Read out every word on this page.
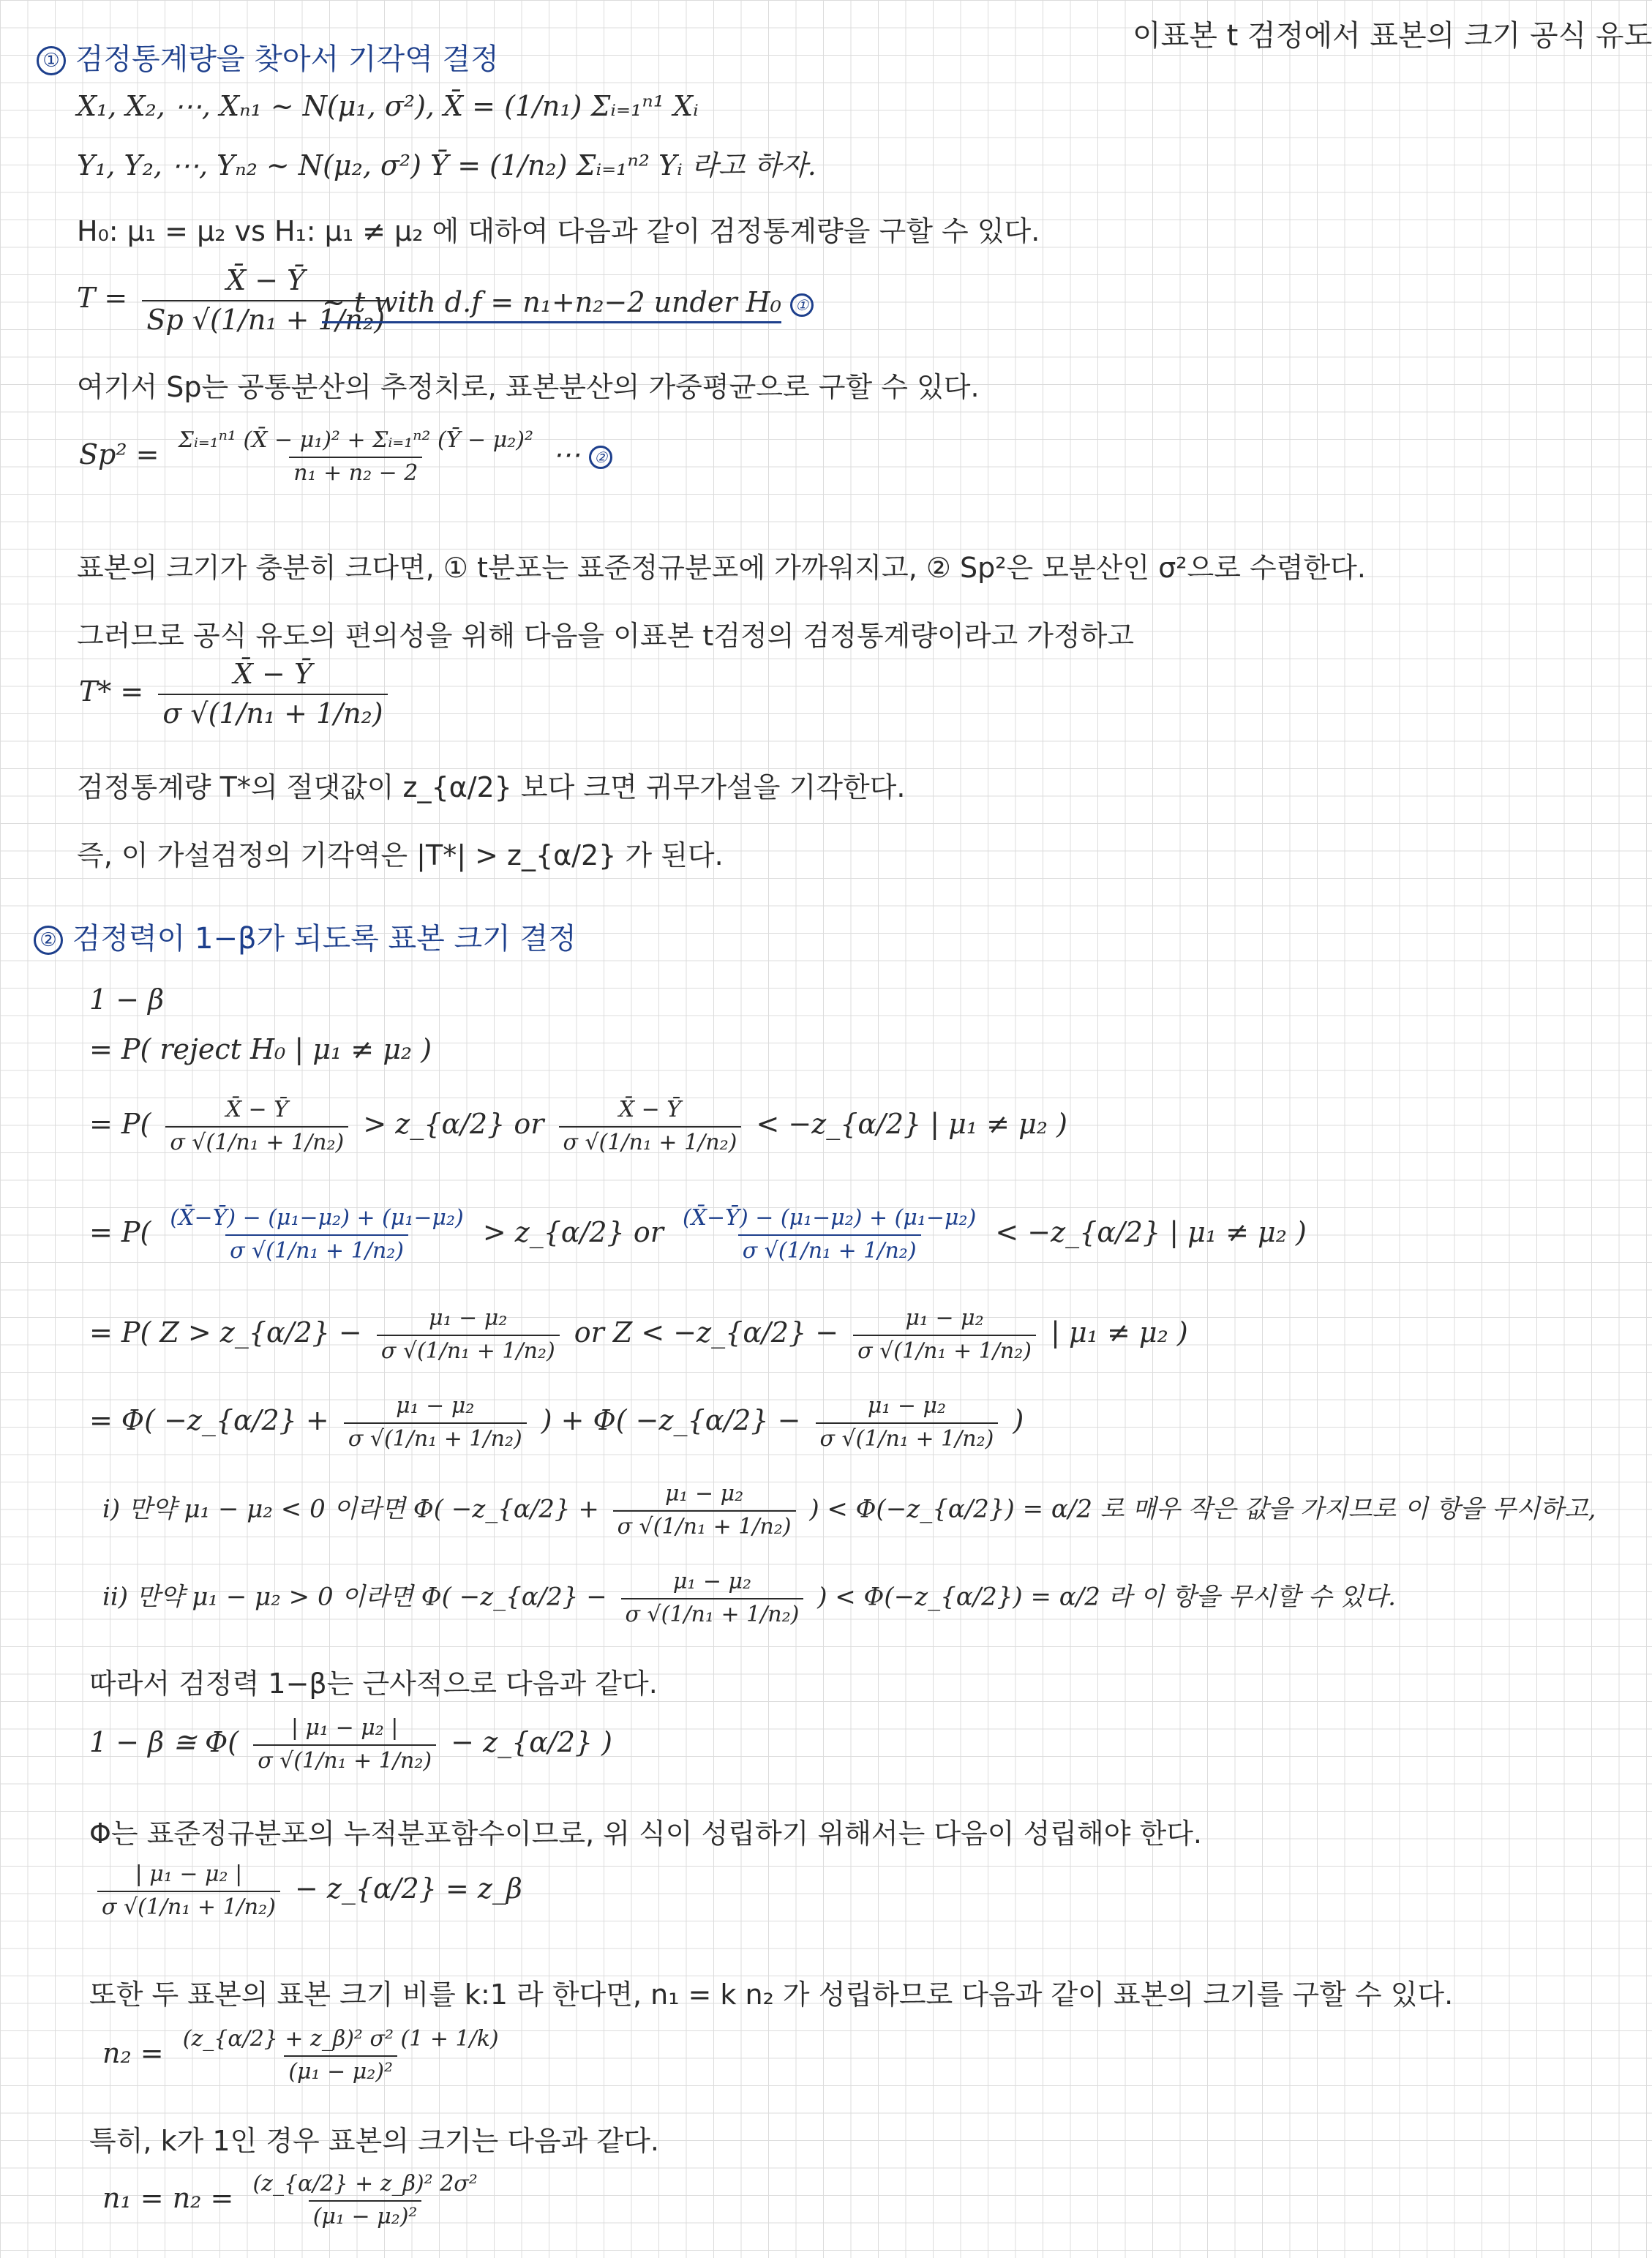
이표본 t 검정에서 표본의 크기 공식 유도
① 검정통계량을 찾아서 기각역 결정
X₁, X₂, ⋯, Xₙ₁ ~ N(μ₁, σ²), X̄ = (1/n₁) Σᵢ₌₁ⁿ¹ Xᵢ
Y₁, Y₂, ⋯, Yₙ₂ ~ N(μ₂, σ²) Ȳ = (1/n₂) Σᵢ₌₁ⁿ² Yᵢ 라고 하자.
H₀: μ₁ = μ₂ vs H₁: μ₁ ≠ μ₂ 에 대하여 다음과 같이 검정통계량을 구할 수 있다.
$T = \frac{X̄ - Ȳ}{\text{Sp √(1/n₁ + 1/n₂)}}$
~ t with d.f = n₁+n₂−2 under H₀ ①
여기서 Sp는 공통분산의 추정치로, 표본분산의 가중평균으로 구할 수 있다.
$Sp^2 = \frac{\text{Σᵢ₌₁ⁿ¹ (X̄ − μ₁)² + Σᵢ₌₁ⁿ² (Ȳ − μ₂)²}}{\text{n₁ + n₂ − 2}}$ ⋯ ②
표본의 크기가 충분히 크다면, ① t분포는 표준정규분포에 가까워지고, ② Sp²은 모분산인 σ²으로 수렴한다.
그러므로 공식 유도의 편의성을 위해 다음을 이표본 t검정의 검정통계량이라고 가정하고
$T* = \frac{X̄ - Ȳ}{\text{σ √(1/n₁ + 1/n₂)}}$
검정통계량 T*의 절댓값이 z_{α/2} 보다 크면 귀무가설을 기각한다.
즉, 이 가설검정의 기각역은 |T*| > z_{α/2} 가 된다.
② 검정력이 1−β가 되도록 표본 크기 결정
1 − β
= P( reject H₀ | μ₁ ≠ μ₂ )
= $P( \frac{X̄ - Ȳ}{\text{σ √(1/n₁ + 1/n₂)}}$ > z_{α/2} or $\frac{X̄ - Ȳ}{\text{σ √(1/n₁ + 1/n₂)}}$ < −z_{α/2} | μ₁ ≠ μ₂ )
= $P( \frac{\text{(X̄−Ȳ) − (μ₁−μ₂) + (μ₁−μ₂)}}{\text{σ √(1/n₁ + 1/n₂)}}$ > z_{α/2} or $\frac{\text{(X̄−Ȳ) − (μ₁−μ₂) + (μ₁−μ₂)}}{\text{σ √(1/n₁ + 1/n₂)}}$ < −z_{α/2} | μ₁ ≠ μ₂ )
= P( Z > z_{α/2} − $\frac{\text{μ₁ − μ₂}}{\text{σ √(1/n₁ + 1/n₂)}}$ or Z < −z_{α/2} − $\frac{\text{μ₁ − μ₂}}{\text{σ √(1/n₁ + 1/n₂)}}$ | μ₁ ≠ μ₂ )
= Φ( −z_{α/2} + $\frac{\text{μ₁ − μ₂}}{\text{σ √(1/n₁ + 1/n₂)}}$ ) + Φ( −z_{α/2} − $\frac{\text{μ₁ − μ₂}}{\text{σ √(1/n₁ + 1/n₂)}}$ )
ⅰ) 만약 μ₁ − μ₂ < 0 이라면 Φ( −z_{α/2} + $\frac{\text{μ₁ − μ₂}}{\text{σ √(1/n₁ + 1/n₂)}}$ ) < Φ(−z_{α/2}) = α/2 로 매우 작은 값을 가지므로 이 항을 무시하고,
ⅱ) 만약 μ₁ − μ₂ > 0 이라면 Φ( −z_{α/2} − $\frac{\text{μ₁ − μ₂}}{\text{σ √(1/n₁ + 1/n₂)}}$ ) < Φ(−z_{α/2}) = α/2 라 이 항을 무시할 수 있다.
따라서 검정력 1−β는 근사적으로 다음과 같다.
1 − β ≅ $\Phi( \frac{\text{| μ₁ − μ₂ |}}{\text{σ √(1/n₁ + 1/n₂)}}$ − z_{α/2} )
Φ는 표준정규분포의 누적분포함수이므로, 위 식이 성립하기 위해서는 다음이 성립해야 한다.
$\frac{\text{| μ₁ − μ₂ |}}{\text{σ √(1/n₁ + 1/n₂)}}$ − z_{α/2} = z_β
또한 두 표본의 표본 크기 비를 k:1 라 한다면, n₁ = k n₂ 가 성립하므로 다음과 같이 표본의 크기를 구할 수 있다.
$n_2 = \frac{\text{(z\_\{α/2\} + z\_β)² σ² (1 + 1/k)}}{\text{(μ₁ − μ₂)²}}$
특히, k가 1인 경우 표본의 크기는 다음과 같다.
$n_1 = n_2 = \frac{\text{(z\_\{α/2\} + z\_β)² 2σ²}}{\text{(μ₁ − μ₂)²}}$
